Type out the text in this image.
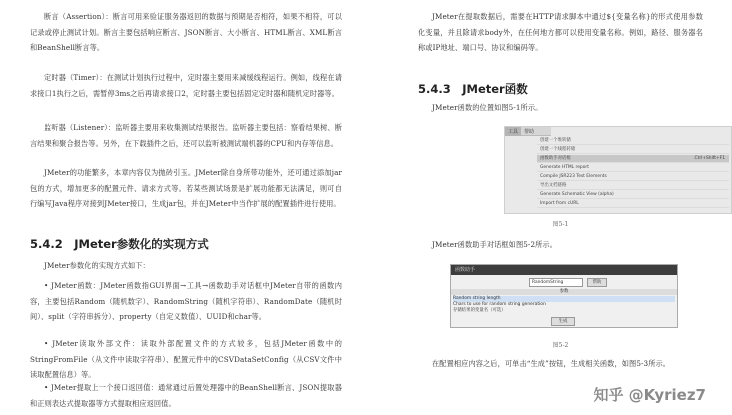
断言（Assertion）：断言可用来验证服务器返回的数据与预期是否相符，如果不相符，可以记录或停止测试计划。断言主要包括响应断言、JSON断言、大小断言、HTML断言、XML断言和BeanShell断言等。

定时器（Timer）：在测试计划执行过程中，定时器主要用来减缓线程运行。例如，线程在请求接口1执行之后，需暂停3ms之后再请求接口2，定时器主要包括固定定时器和随机定时器等。

监听器（Listener）：监听器主要用来收集测试结果报告。监听器主要包括：察看结果树、断言结果和聚合报告等。另外，在下载插件之后，还可以监听被测试端机器的CPU和内存等信息。

JMeter的功能繁多，本章内容仅为抛砖引玉。JMeter除自身所带功能外，还可通过添加jar包的方式，增加更多的配置元件、请求方式等。若某些测试场景是扩展功能都无法满足，则可自行编写Java程序对接到JMeter接口，生成jar包，并在JMeter中当作扩展的配置插件进行使用。

5.4.2　JMeter参数化的实现方式

JMeter参数化的实现方式如下：

• JMeter函数：JMeter函数指GUI界面→工具→函数助手对话框中JMeter自带的函数内容，主要包括Random（随机数字）、RandomString（随机字符串）、RandomDate（随机时间）、split（字符串拆分）、property（自定义数值）、UUID和char等。

• JMeter读取外部文件：读取外部配置文件的方式较多，包括JMeter函数中的StringFromFile（从文件中读取字符串）、配置元件中的CSVDataSetConfig（从CSV文件中读取配置信息）等。

• JMeter提取上一个接口返回值：通常通过后置处理器中的BeanShell断言、JSON提取器和正则表达式提取器等方式提取相应返回值。

JMeter在提取数据后，需要在HTTP请求脚本中通过${变量名称}的形式使用参数化变量，并且除请求body外，在任何地方都可以使用变量名称。例如，路径、服务器名称或IP地址、端口号、协议和编码等。

5.4.3　JMeter函数

JMeter函数的位置如图5-1所示。

工具 帮助
创建一个堆转储
创建一个线程转储
函数助手对话框	Ctrl+Shift+F1
Generate HTML report
Compile JSR223 Test Elements
导出文档链路
Generate Schematic View (alpha)
Import from cURL
图5-1

JMeter函数助手对话框如图5-2所示。

函数助手
RandomString	帮助
参数
Random string length
Chars to use for random string generation
存储结果的变量名（可选）
生成
图5-2

在配置相应内容之后，可单击“生成”按钮，生成相关函数，如图5-3所示。

知乎 @Kyriez7
